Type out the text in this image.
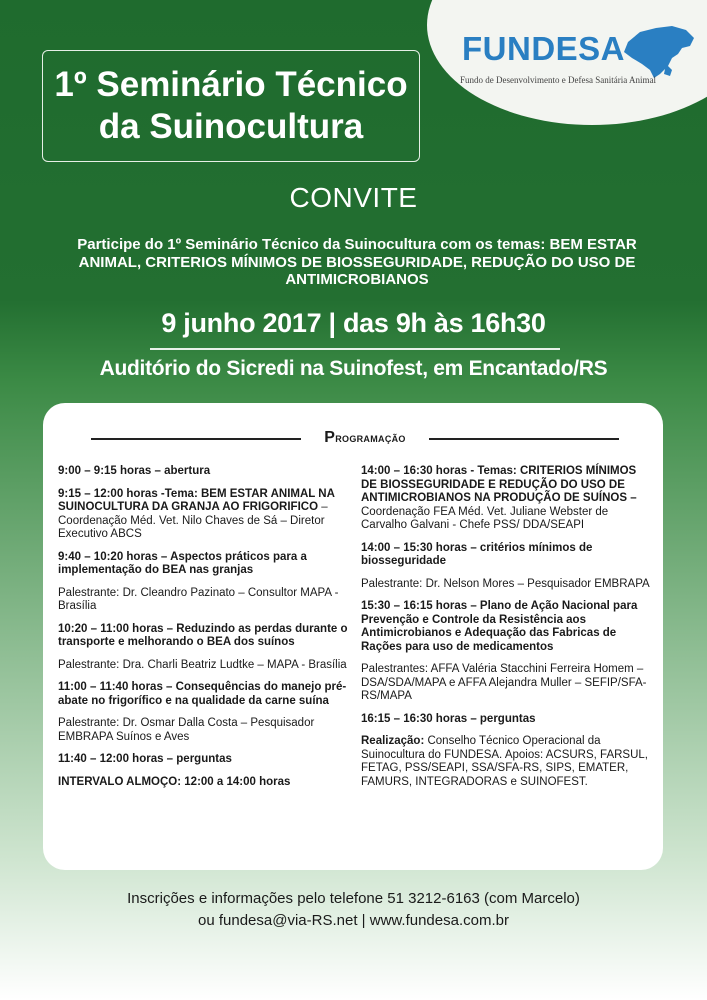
FUNDESA
Fundo de Desenvolvimento e Defesa Sanitária Animal
1º Seminário Técnico
da Suinocultura
CONVITE
Participe do 1º Seminário Técnico da Suinocultura com os temas: BEM ESTAR ANIMAL, CRITERIOS MÍNIMOS DE BIOSSEGURIDADE, REDUÇÃO DO USO DE ANTIMICROBIANOS
9 junho 2017 | das 9h às 16h30
Auditório do Sicredi na Suinofest, em Encantado/RS
Programação
9:00 – 9:15 horas – abertura
9:15 – 12:00 horas -Tema: BEM ESTAR ANIMAL NA SUINOCULTURA DA GRANJA AO FRIGORIFICO – Coordenação Méd. Vet. Nilo Chaves de Sá – Diretor Executivo ABCS
9:40 – 10:20 horas – Aspectos práticos para a implementação do BEA nas granjas
Palestrante: Dr. Cleandro Pazinato – Consultor MAPA - Brasília
10:20 – 11:00 horas – Reduzindo as perdas durante o transporte e melhorando o BEA dos suínos
Palestrante: Dra. Charli Beatriz Ludtke – MAPA - Brasília
11:00 – 11:40 horas – Consequências do manejo pré-abate no frigorífico e na qualidade da carne suína
Palestrante: Dr. Osmar Dalla Costa – Pesquisador EMBRAPA Suínos e Aves
11:40 – 12:00 horas – perguntas
INTERVALO ALMOÇO: 12:00 a 14:00 horas
14:00 – 16:30 horas - Temas: CRITERIOS MÍNIMOS DE BIOSSEGURIDADE E REDUÇÃO DO USO DE ANTIMICROBIANOS NA PRODUÇÃO DE SUÍNOS – Coordenação FEA Méd. Vet. Juliane Webster de Carvalho Galvani - Chefe PSS/ DDA/SEAPI
14:00 – 15:30 horas – critérios mínimos de biosseguridade
Palestrante: Dr. Nelson Mores – Pesquisador EMBRAPA
15:30 – 16:15 horas – Plano de Ação Nacional para Prevenção e Controle da Resistência aos Antimicrobianos e Adequação das Fabricas de Rações para uso de medicamentos
Palestrantes: AFFA Valéria Stacchini Ferreira Homem – DSA/SDA/MAPA e AFFA Alejandra Muller – SEFIP/SFA-RS/MAPA
16:15 – 16:30 horas – perguntas
Realização: Conselho Técnico Operacional da Suinocultura do FUNDESA. Apoios: ACSURS, FARSUL, FETAG, PSS/SEAPI, SSA/SFA-RS, SIPS, EMATER, FAMURS, INTEGRADORAS e SUINOFEST.
Inscrições e informações pelo telefone 51 3212-6163 (com Marcelo)
ou fundesa@via-RS.net | www.fundesa.com.br
